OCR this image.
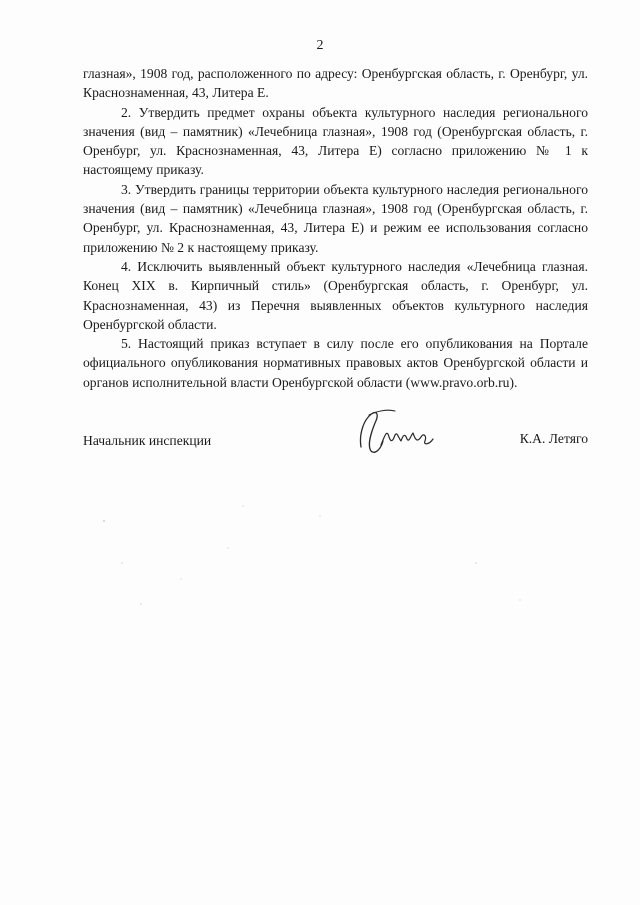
2

глазная», 1908 год, расположенного по адресу: Оренбургская область, г. Оренбург, ул. Краснознаменная, 43, Литера Е.

2. Утвердить предмет охраны объекта культурного наследия регионального значения (вид – памятник) «Лечебница глазная», 1908 год (Оренбургская область, г. Оренбург, ул. Краснознаменная, 43, Литера Е) согласно приложению № 1 к настоящему приказу.

3. Утвердить границы территории объекта культурного наследия регионального значения (вид – памятник) «Лечебница глазная», 1908 год (Оренбургская область, г. Оренбург, ул. Краснознаменная, 43, Литера Е) и режим ее использования согласно приложению № 2 к настоящему приказу.

4. Исключить выявленный объект культурного наследия «Лечебница глазная. Конец XIX в. Кирпичный стиль» (Оренбургская область, г. Оренбург, ул. Краснознаменная, 43) из Перечня выявленных объектов культурного наследия Оренбургской области.

5. Настоящий приказ вступает в силу после его опубликования на Портале официального опубликования нормативных правовых актов Оренбургской области и органов исполнительной власти Оренбургской области (www.pravo.orb.ru).

Начальник инспекции	К.А. Летяго
